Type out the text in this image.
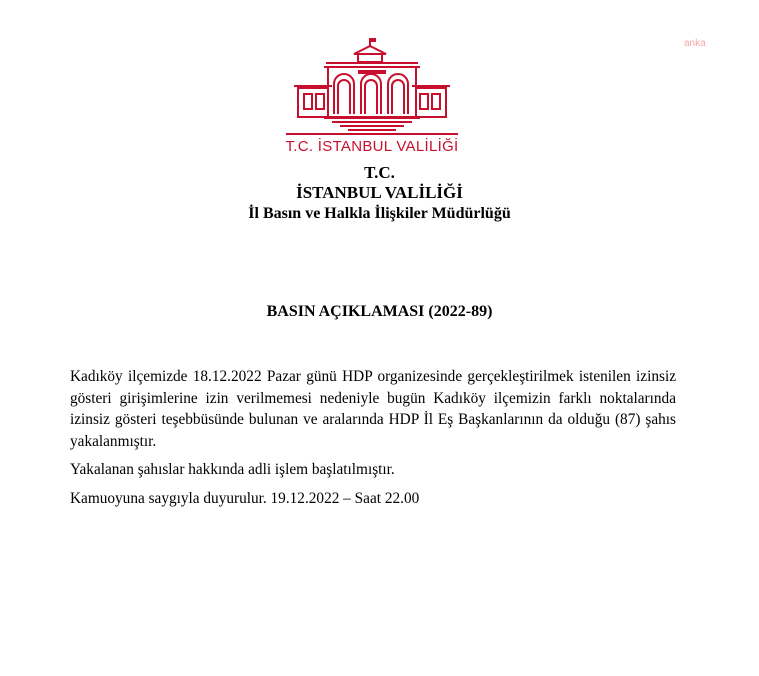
anka
T.C. İSTANBUL VALİLİĞİ
T.C.
İSTANBUL VALİLİĞİ
İl Basın ve Halkla İlişkiler Müdürlüğü
BASIN AÇIKLAMASI (2022-89)

Kadıköy ilçemizde 18.12.2022 Pazar günü HDP organizesinde gerçekleştirilmek istenilen izinsiz gösteri girişimlerine izin verilmemesi nedeniyle bugün Kadıköy ilçemizin farklı noktalarında izinsiz gösteri teşebbüsünde bulunan ve aralarında HDP İl Eş Başkanlarının da olduğu (87) şahıs yakalanmıştır.

Yakalanan şahıslar hakkında adli işlem başlatılmıştır.

Kamuoyuna saygıyla duyurulur. 19.12.2022 – Saat 22.00
